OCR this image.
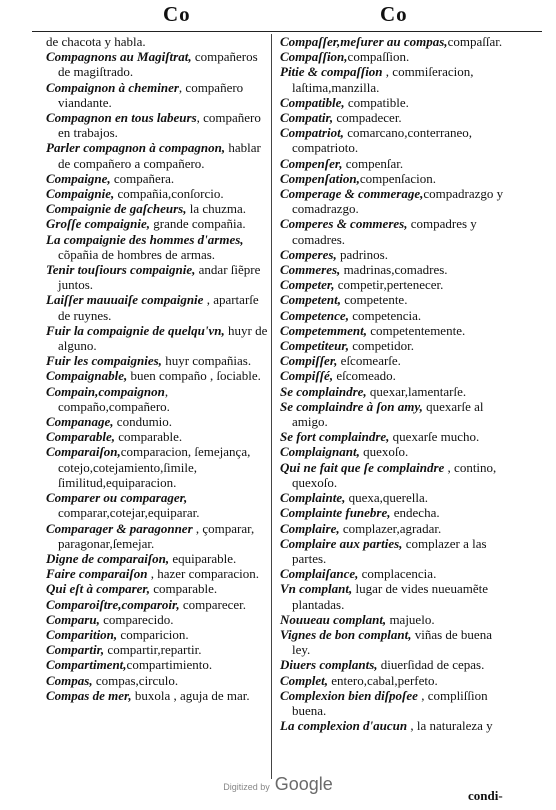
Co	Co
de chacota y habla.
Compagnons au Magiſtrat, compañeros de magiſtrado.
Compaignon à cheminer, compañero viandante.
Compagnon en tous labeurs, compañero en trabajos.
Parler compagnon à compagnon, hablar de compañero a compañero.
Compaigne, compañera.
Compaignie, compañia,conſorcio.
Compaignie de gaſcheurs, la chuzma.
Groſſe compaignie, grande compañia.
La compaignie des hommes d'armes, cõpañia de hombres de armas.
Tenir touſiours compaignie, andar ſiẽpre juntos.
Laiſſer mauuaiſe compaignie , apartarſe de ruynes.
Fuir la compaignie de quelqu'vn, huyr de alguno.
Fuir les compaignies, huyr compañias.
Compaignable, buen compaño , ſociable.
Compain,compaignon, compaño,compañero.
Companage, condumio.
Comparable, comparable.
Comparaiſon,comparacion, ſemejança, cotejo,cotejamiento,ſimile, ſimilitud,equiparacion.
Comparer ou comparager, comparar,cotejar,equiparar.
Comparager & paragonner , çomparar, paragonar,ſemejar.
Digne de comparaiſon, equiparable.
Faire comparaiſon , hazer comparacion.
Qui eſt à comparer, comparable.
Comparoiſtre,comparoir, comparecer.
Comparu, comparecido.
Comparition, comparicion.
Compartir, compartir,repartir.
Compartiment,compartimiento.
Compas, compas,circulo.
Compas de mer, buxola , aguja de mar.
Compaſſer,meſurer au compas,compaſſar.
Compaſſion,compaſſion.
Pitie & compaſſion , commiſeracion, laſtima,manzilla.
Compatible, compatible.
Compatir, compadecer.
Compatriot, comarcano,conterraneo, compatrioto.
Compenſer, compenſar.
Compenſation,compenſacion.
Comperage & commerage,compadrazgo y comadrazgo.
Comperes & commeres, compadres y comadres.
Comperes, padrinos.
Commeres, madrinas,comadres.
Competer, competir,pertenecer.
Competent, competente.
Competence, competencia.
Competemment, competentemente.
Competiteur, competidor.
Compiſſer, eſcomearſe.
Compiſſé, eſcomeado.
Se complaindre, quexar,lamentarſe.
Se complaindre à ſon amy, quexarſe al amigo.
Se fort complaindre, quexarſe mucho.
Complaignant, quexoſo.
Qui ne fait que ſe complaindre , contino, quexoſo.
Complainte, quexa,querella.
Complainte funebre, endecha.
Complaire, complazer,agradar.
Complaire aux parties, complazer a las partes.
Complaiſance, complacencia.
Vn complant, lugar de vides nueuamẽte plantadas.
Nouueau complant, majuelo.
Vignes de bon complant, viñas de buena ley.
Diuers complants, diuerſidad de cepas.
Complet, entero,cabal,perfeto.
Complexion bien diſpoſee , compliſſion buena.
La complexion d'aucun , la naturaleza y
condi-
Digitized by Google
